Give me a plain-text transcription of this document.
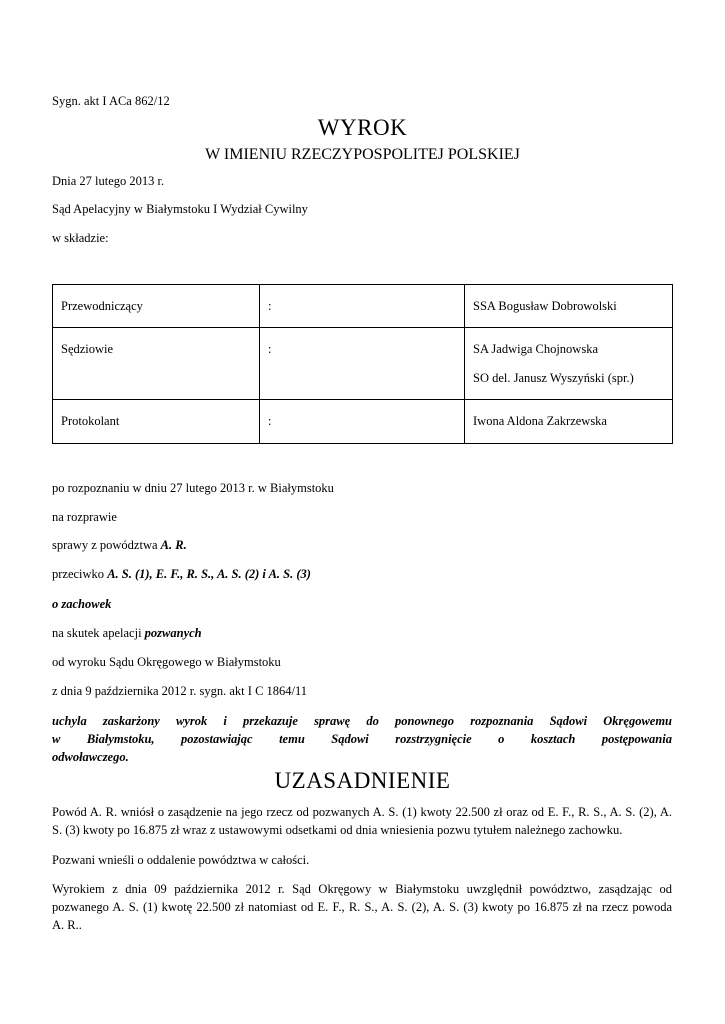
Sygn. akt I ACa 862/12
WYROK
W IMIENIU RZECZYPOSPOLITEJ POLSKIEJ
Dnia 27 lutego 2013 r.
Sąd Apelacyjny w Białymstoku I Wydział Cywilny
w składzie:
Przewodniczący	:	SSA Bogusław Dobrowolski

Sędziowie	:	SA Jadwiga Chojnowska
SO del. Janusz Wyszyński (spr.)

Protokolant	:	Iwona Aldona Zakrzewska
po rozpoznaniu w dniu 27 lutego 2013 r. w Białymstoku
na rozprawie
sprawy z powództwa A. R.
przeciwko A. S. (1), E. F., R. S., A. S. (2) i A. S. (3)
o zachowek
na skutek apelacji pozwanych
od wyroku Sądu Okręgowego w Białymstoku
z dnia 9 października 2012 r. sygn. akt I C 1864/11
uchyla zaskarżony wyrok i przekazuje sprawę do ponownego rozpoznania Sądowi Okręgowemu
w Białymstoku, pozostawiając temu Sądowi rozstrzygnięcie o kosztach postępowania
odwoławczego.
UZASADNIENIE
Powód A. R. wniósł o zasądzenie na jego rzecz od pozwanych A. S. (1) kwoty 22.500 zł oraz od E. F., R. S., A. S. (2), A.
S. (3) kwoty po 16.875 zł wraz z ustawowymi odsetkami od dnia wniesienia pozwu tytułem należnego zachowku.
Pozwani wnieśli o oddalenie powództwa w całości.
Wyrokiem z dnia 09 października 2012 r. Sąd Okręgowy w Białymstoku uwzględnił powództwo, zasądzając od
pozwanego A. S. (1) kwotę 22.500 zł natomiast od E. F., R. S., A. S. (2), A. S. (3) kwoty po 16.875 zł na rzecz powoda
A. R..
